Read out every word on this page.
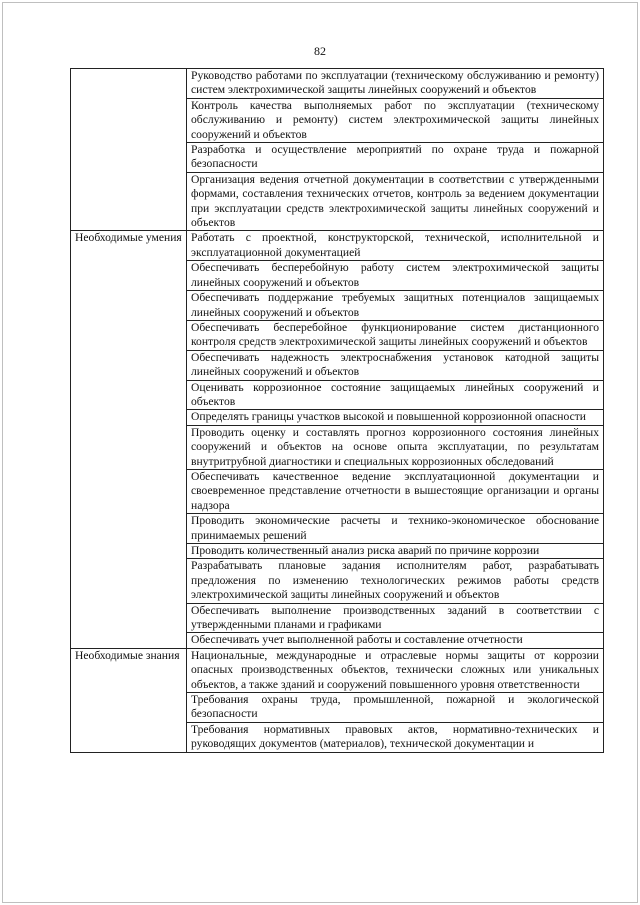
82
	Руководство работами по эксплуатации (техническому обслуживанию и ремонту) систем электрохимической защиты линейных сооружений и объектов
	Контроль качества выполняемых работ по эксплуатации (техническому обслуживанию и ремонту) систем электрохимической защиты линейных сооружений и объектов
	Разработка и осуществление мероприятий по охране труда и пожарной безопасности
	Организация ведения отчетной документации в соответствии с утвержденными формами, составления технических отчетов, контроль за ведением документации при эксплуатации средств электрохимической защиты линейных сооружений и объектов
Необходимые умения	Работать с проектной, конструкторской, технической, исполнительной и эксплуатационной документацией
	Обеспечивать бесперебойную работу систем электрохимической защиты линейных сооружений и объектов
	Обеспечивать поддержание требуемых защитных потенциалов защищаемых линейных сооружений и объектов
	Обеспечивать бесперебойное функционирование систем дистанционного контроля средств электрохимической защиты линейных сооружений и объектов
	Обеспечивать надежность электроснабжения установок катодной защиты линейных сооружений и объектов
	Оценивать коррозионное состояние защищаемых линейных сооружений и объектов
	Определять границы участков высокой и повышенной коррозионной опасности
	Проводить оценку и составлять прогноз коррозионного состояния линейных сооружений и объектов на основе опыта эксплуатации, по результатам внутритрубной диагностики и специальных коррозионных обследований
	Обеспечивать качественное ведение эксплуатационной документации и своевременное представление отчетности в вышестоящие организации и органы надзора
	Проводить экономические расчеты и технико-экономическое обоснование принимаемых решений
	Проводить количественный анализ риска аварий по причине коррозии
	Разрабатывать плановые задания исполнителям работ, разрабатывать предложения по изменению технологических режимов работы средств электрохимической защиты линейных сооружений и объектов
	Обеспечивать выполнение производственных заданий в соответствии с утвержденными планами и графиками
	Обеспечивать учет выполненной работы и составление отчетности
Необходимые знания	Национальные, международные и отраслевые нормы защиты от коррозии опасных производственных объектов, технически сложных или уникальных объектов, а также зданий и сооружений повышенного уровня ответственности
	Требования охраны труда, промышленной, пожарной и экологической безопасности
	Требования нормативных правовых актов, нормативно-технических и руководящих документов (материалов), технической документации и
